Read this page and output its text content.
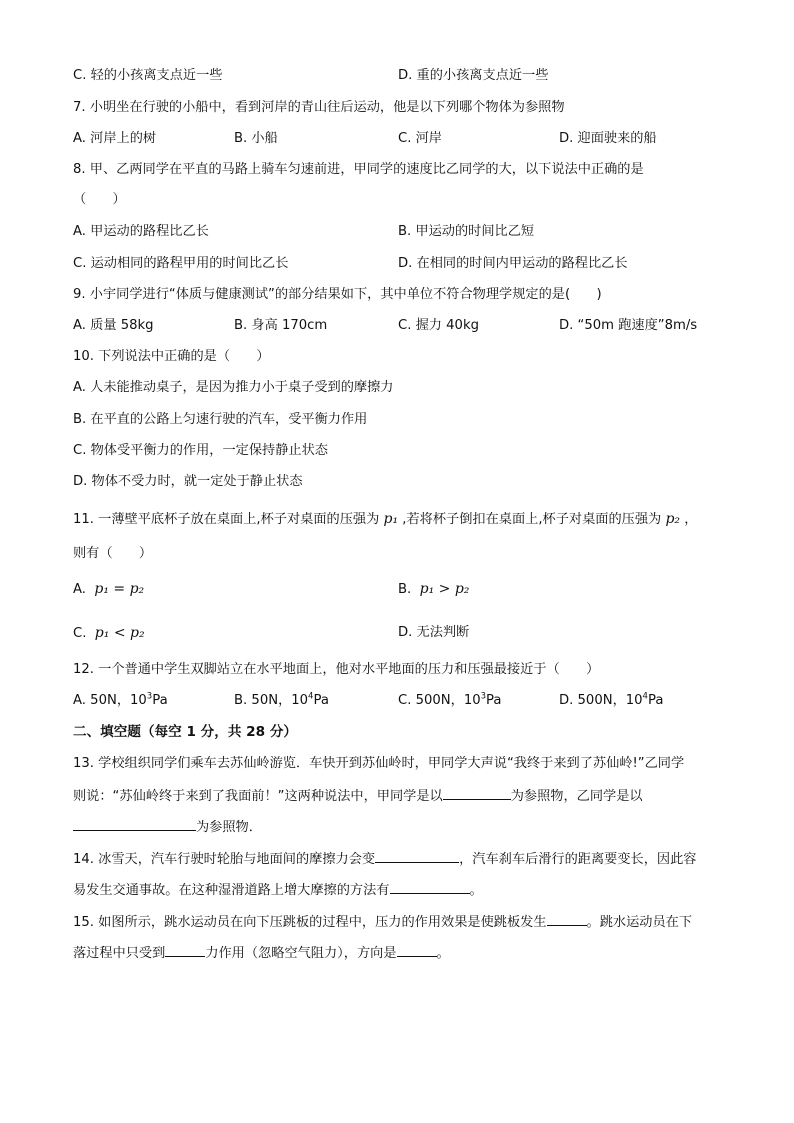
C. 轻的小孩离支点近一些	D. 重的小孩离支点近一些
7. 小明坐在行驶的小船中，看到河岸的青山往后运动，他是以下列哪个物体为参照物
A. 河岸上的树	B. 小船	C. 河岸	D. 迎面驶来的船
8. 甲、乙两同学在平直的马路上骑车匀速前进，甲同学的速度比乙同学的大，以下说法中正确的是
（　　）
A. 甲运动的路程比乙长	B. 甲运动的时间比乙短
C. 运动相同的路程甲用的时间比乙长	D. 在相同的时间内甲运动的路程比乙长
9. 小宇同学进行“体质与健康测试”的部分结果如下，其中单位不符合物理学规定的是(　　)
A. 质量 58kg	B. 身高 170cm	C. 握力 40kg	D. “50m 跑速度”8m/s
10. 下列说法中正确的是（　　）
A. 人未能推动桌子，是因为推力小于桌子受到的摩擦力
B. 在平直的公路上匀速行驶的汽车，受平衡力作用
C. 物体受平衡力的作用，一定保持静止状态
D. 物体不受力时，就一定处于静止状态
11. 一薄壁平底杯子放在桌面上,杯子对桌面的压强为 p₁ ,若将杯子倒扣在桌面上,杯子对桌面的压强为 p₂ ，
则有（　　）
A. p₁ = p₂	B. p₁ > p₂
C. p₁ < p₂	D. 无法判断
12. 一个普通中学生双脚站立在水平地面上，他对水平地面的压力和压强最接近于（　　）
A. 50N，$10^3Pa$	B. 50N，$10^4Pa$	C. 500N，$10^3Pa$	D. 500N，$10^4Pa$
二、填空题（每空 1 分，共 28 分）
13. 学校组织同学们乘车去苏仙岭游览．车快开到苏仙岭时，甲同学大声说“我终于来到了苏仙岭!”乙同学
则说：“苏仙岭终于来到了我面前！”这两种说法中，甲同学是以	为参照物，乙同学是以
为参照物．
14. 冰雪天，汽车行驶时轮胎与地面间的摩擦力会变	，汽车刹车后滑行的距离要变长，因此容
易发生交通事故。在这种湿滑道路上增大摩擦的方法有	。
15. 如图所示，跳水运动员在向下压跳板的过程中，压力的作用效果是使跳板发生	。跳水运动员在下
落过程中只受到	力作用（忽略空气阻力），方向是	。
